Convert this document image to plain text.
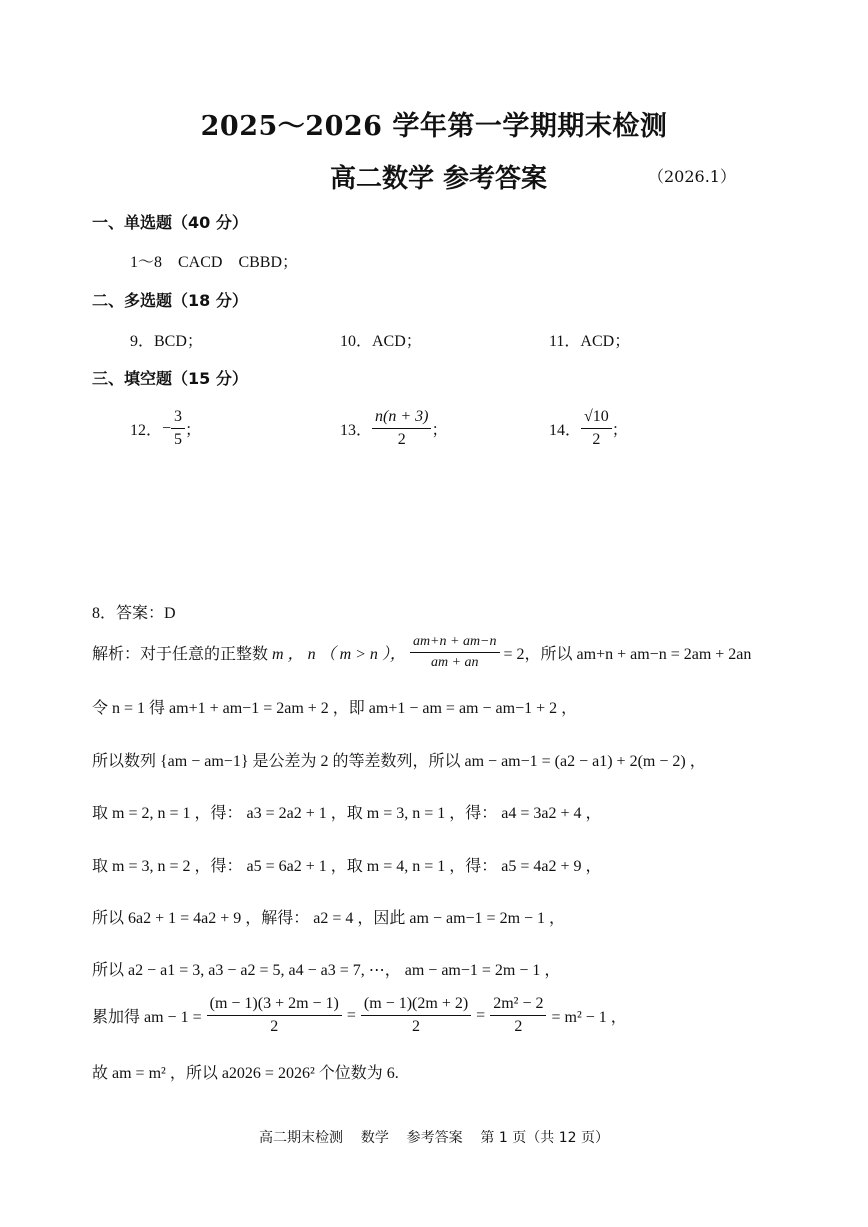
2025～2026 学年第一学期期末检测
高二数学 参考答案	（2026.1）
一、单选题（40 分）
1～8    CACD    CBBD；
二、多选题（18 分）
9．BCD；	10．ACD；	11．ACD；
三、填空题（15 分）
12． − $\frac{3}{5}$ ；	13． $\frac{n(n + 3)}{2}$ ；	14． $\frac{√10}{2}$ ；
8．答案：D
解析：对于任意的正整数 m ， n （ m > n ）， $\frac{am+n + am-n}{am + an} = 2$，所以 am+n + am−n = 2am + 2an
令 n = 1 得 am+1 + am−1 = 2am + 2 ，即 am+1 − am = am − am−1 + 2 ，
所以数列 {am − am−1} 是公差为 2 的等差数列，所以 am − am−1 = (a2 − a1) + 2(m − 2) ，
取 m = 2, n = 1 ，得： a3 = 2a2 + 1 ，取 m = 3, n = 1 ，得： a4 = 3a2 + 4 ，
取 m = 3, n = 2 ，得： a5 = 6a2 + 1 ，取 m = 4, n = 1 ，得： a5 = 4a2 + 9 ，
所以 6a2 + 1 = 4a2 + 9 ，解得： a2 = 4 ，因此 am − am−1 = 2m − 1 ，
所以 a2 − a1 = 3, a3 − a2 = 5, a4 − a3 = 7, ⋯， am − am−1 = 2m − 1 ，
累加得 am − $1 = \frac{(m - 1)(3 + 2m - 1)}{2} = \frac{(m - 1)(2m + 2)}{2} = \frac{\text{2m² − 2}}{2} = m^2 - 1$ ，
故 am = m² ，所以 a2026 = 2026² 个位数为 6.
高二期末检测    数学    参考答案    第 1 页（共 12 页）
